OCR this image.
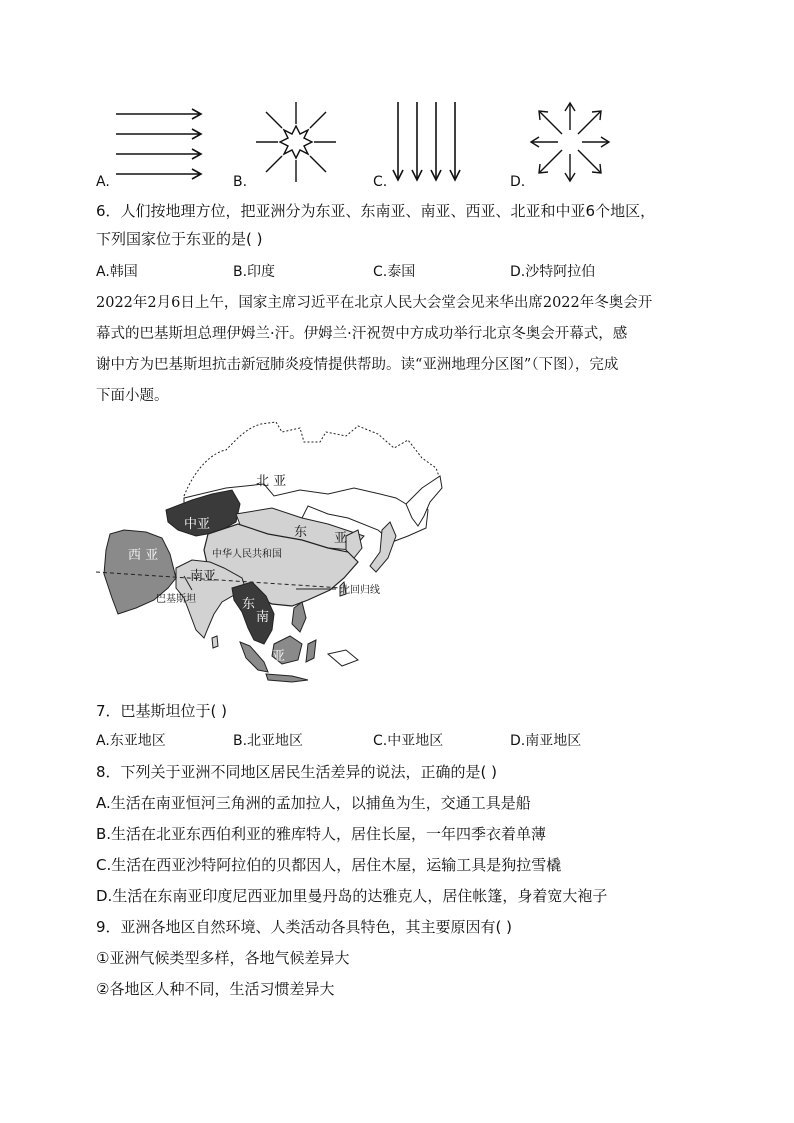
A.	B.	C.	D.
6．人们按地理方位，把亚洲分为东亚、东南亚、南亚、西亚、北亚和中亚6个地区，
下列国家位于东亚的是( )
A.韩国	B.印度	C.泰国	D.沙特阿拉伯
2022年2月6日上午，国家主席习近平在北京人民大会堂会见来华出席2022年冬奥会开
幕式的巴基斯坦总理伊姆兰·汗。伊姆兰·汗祝贺中方成功举行北京冬奥会开幕式，感
谢中方为巴基斯坦抗击新冠肺炎疫情提供帮助。读“亚洲地理分区图”（下图），完成
下面小题。
北 亚
中亚
东 亚
西 亚	中华人民共和国
南亚
巴基斯坦
北回归线
东
南
亚
7．巴基斯坦位于( )
A.东亚地区	B.北亚地区	C.中亚地区	D.南亚地区
8．下列关于亚洲不同地区居民生活差异的说法，正确的是( )
A.生活在南亚恒河三角洲的孟加拉人，以捕鱼为生，交通工具是船
B.生活在北亚东西伯利亚的雅库特人，居住长屋，一年四季衣着单薄
C.生活在西亚沙特阿拉伯的贝都因人，居住木屋，运输工具是狗拉雪橇
D.生活在东南亚印度尼西亚加里曼丹岛的达雅克人，居住帐篷，身着宽大袍子
9．亚洲各地区自然环境、人类活动各具特色，其主要原因有( )
①亚洲气候类型多样，各地气候差异大
②各地区人种不同，生活习惯差异大
